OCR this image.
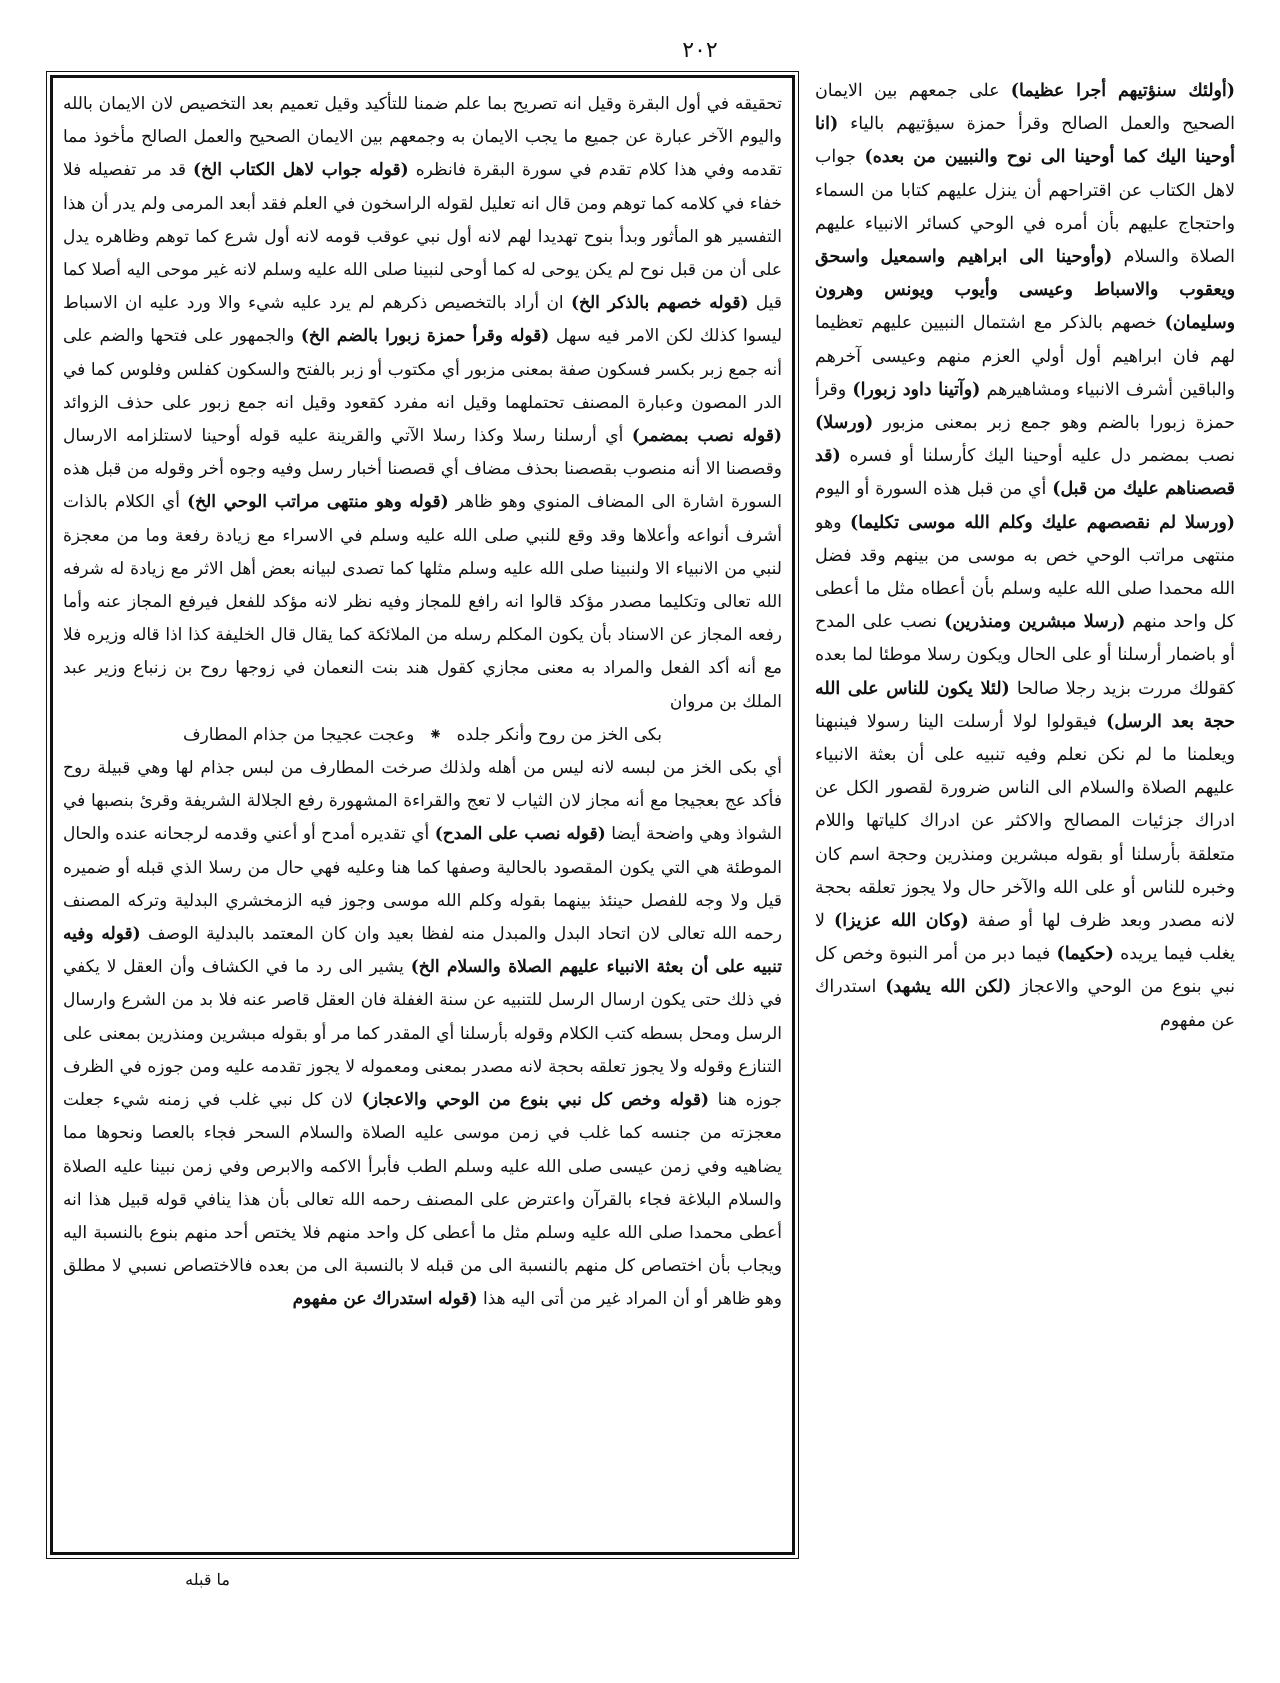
٢٠٢

تحقيقه في أول البقرة وقيل انه تصريح بما علم ضمنا للتأكيد وقيل تعميم بعد التخصيص لان الايمان بالله واليوم الآخر عبارة عن جميع ما يجب الايمان به وجمعهم بين الايمان الصحيح والعمل الصالح مأخوذ مما تقدمه وفي هذا كلام تقدم في سورة البقرة فانظره (قوله جواب لاهل الكتاب الخ) قد مر تفصيله فلا خفاء في كلامه كما توهم ومن قال انه تعليل لقوله الراسخون في العلم فقد أبعد المرمى ولم يدر أن هذا التفسير هو المأثور وبدأ بنوح تهديدا لهم لانه أول نبي عوقب قومه لانه أول شرع كما توهم وظاهره يدل على أن من قبل نوح لم يكن يوحى له كما أوحى لنبينا صلى الله عليه وسلم لانه غير موحى اليه أصلا كما قيل (قوله خصهم بالذكر الخ) ان أراد بالتخصيص ذكرهم لم يرد عليه شيء والا ورد عليه ان الاسباط ليسوا كذلك لكن الامر فيه سهل (قوله وقرأ حمزة زبورا بالضم الخ) والجمهور على فتحها والضم على أنه جمع زبر بكسر فسكون صفة بمعنى مزبور أي مكتوب أو زبر بالفتح والسكون كفلس وفلوس كما في الدر المصون وعبارة المصنف تحتملهما وقيل انه مفرد كقعود وقيل انه جمع زبور على حذف الزوائد (قوله نصب بمضمر) أي أرسلنا رسلا وكذا رسلا الآتي والقرينة عليه قوله أوحينا لاستلزامه الارسال وقصصنا الا أنه منصوب بقصصنا بحذف مضاف أي قصصنا أخبار رسل وفيه وجوه أخر وقوله من قبل هذه السورة اشارة الى المضاف المنوي وهو ظاهر (قوله وهو منتهى مراتب الوحي الخ) أي الكلام بالذات أشرف أنواعه وأعلاها وقد وقع للنبي صلى الله عليه وسلم في الاسراء مع زيادة رفعة وما من معجزة لنبي من الانبياء الا ولنبينا صلى الله عليه وسلم مثلها كما تصدى لبيانه بعض أهل الاثر مع زيادة له شرفه الله تعالى وتكليما مصدر مؤكد قالوا انه رافع للمجاز وفيه نظر لانه مؤكد للفعل فيرفع المجاز عنه وأما رفعه المجاز عن الاسناد بأن يكون المكلم رسله من الملائكة كما يقال قال الخليفة كذا اذا قاله وزيره فلا مع أنه أكد الفعل والمراد به معنى مجازي كقول هند بنت النعمان في زوجها روح بن زنباع وزير عبد الملك بن مروان

بكى الخز من روح وأنكر جلده⁕وعجت عجيجا من جذام المطارف

أي بكى الخز من لبسه لانه ليس من أهله ولذلك صرخت المطارف من لبس جذام لها وهي قبيلة روح فأكد عج بعجيجا مع أنه مجاز لان الثياب لا تعج والقراءة المشهورة رفع الجلالة الشريفة وقرئ بنصبها في الشواذ وهي واضحة أيضا (قوله نصب على المدح) أي تقديره أمدح أو أعني وقدمه لرجحانه عنده والحال الموطئة هي التي يكون المقصود بالحالية وصفها كما هنا وعليه فهي حال من رسلا الذي قبله أو ضميره قيل ولا وجه للفصل حينئذ بينهما بقوله وكلم الله موسى وجوز فيه الزمخشري البدلية وتركه المصنف رحمه الله تعالى لان اتحاد البدل والمبدل منه لفظا بعيد وان كان المعتمد بالبدلية الوصف (قوله وفيه تنبيه على أن بعثة الانبياء عليهم الصلاة والسلام الخ) يشير الى رد ما في الكشاف وأن العقل لا يكفي في ذلك حتى يكون ارسال الرسل للتنبيه عن سنة الغفلة فان العقل قاصر عنه فلا بد من الشرع وارسال الرسل ومحل بسطه كتب الكلام وقوله بأرسلنا أي المقدر كما مر أو بقوله مبشرين ومنذرين بمعنى على التنازع وقوله ولا يجوز تعلقه بحجة لانه مصدر بمعنى ومعموله لا يجوز تقدمه عليه ومن جوزه في الظرف جوزه هنا (قوله وخص كل نبي بنوع من الوحي والاعجاز) لان كل نبي غلب في زمنه شيء جعلت معجزته من جنسه كما غلب في زمن موسى عليه الصلاة والسلام السحر فجاء بالعصا ونحوها مما يضاهيه وفي زمن عيسى صلى الله عليه وسلم الطب فأبرأ الاكمه والابرص وفي زمن نبينا عليه الصلاة والسلام البلاغة فجاء بالقرآن واعترض على المصنف رحمه الله تعالى بأن هذا ينافي قوله قبيل هذا انه أعطى محمدا صلى الله عليه وسلم مثل ما أعطى كل واحد منهم فلا يختص أحد منهم بنوع بالنسبة اليه ويجاب بأن اختصاص كل منهم بالنسبة الى من قبله لا بالنسبة الى من بعده فالاختصاص نسبي لا مطلق وهو ظاهر أو أن المراد غير من أتى اليه هذا (قوله استدراك عن مفهوم

(أولئك سنؤتيهم أجرا عظيما) على جمعهم بين الايمان الصحيح والعمل الصالح وقرأ حمزة سيؤتيهم بالياء (انا أوحينا اليك كما أوحينا الى نوح والنبيين من بعده) جواب لاهل الكتاب عن اقتراحهم أن ينزل عليهم كتابا من السماء واحتجاج عليهم بأن أمره في الوحي كسائر الانبياء عليهم الصلاة والسلام (وأوحينا الى ابراهيم واسمعيل واسحق ويعقوب والاسباط وعيسى وأيوب ويونس وهرون وسليمان) خصهم بالذكر مع اشتمال النبيين عليهم تعظيما لهم فان ابراهيم أول أولي العزم منهم وعيسى آخرهم والباقين أشرف الانبياء ومشاهيرهم (وآتينا داود زبورا) وقرأ حمزة زبورا بالضم وهو جمع زبر بمعنى مزبور (ورسلا) نصب بمضمر دل عليه أوحينا اليك كأرسلنا أو فسره (قد قصصناهم عليك من قبل) أي من قبل هذه السورة أو اليوم (ورسلا لم نقصصهم عليك وكلم الله موسى تكليما) وهو منتهى مراتب الوحي خص به موسى من بينهم وقد فضل الله محمدا صلى الله عليه وسلم بأن أعطاه مثل ما أعطى كل واحد منهم (رسلا مبشرين ومنذرين) نصب على المدح أو باضمار أرسلنا أو على الحال ويكون رسلا موطئا لما بعده كقولك مررت بزيد رجلا صالحا (لئلا يكون للناس على الله حجة بعد الرسل) فيقولوا لولا أرسلت الينا رسولا فينبهنا ويعلمنا ما لم نكن نعلم وفيه تنبيه على أن بعثة الانبياء عليهم الصلاة والسلام الى الناس ضرورة لقصور الكل عن ادراك جزئيات المصالح والاكثر عن ادراك كلياتها واللام متعلقة بأرسلنا أو بقوله مبشرين ومنذرين وحجة اسم كان وخبره للناس أو على الله والآخر حال ولا يجوز تعلقه بحجة لانه مصدر وبعد ظرف لها أو صفة (وكان الله عزيزا) لا يغلب فيما يريده (حكيما) فيما دبر من أمر النبوة وخص كل نبي بنوع من الوحي والاعجاز (لكن الله يشهد) استدراك عن مفهوم

ما قبله
